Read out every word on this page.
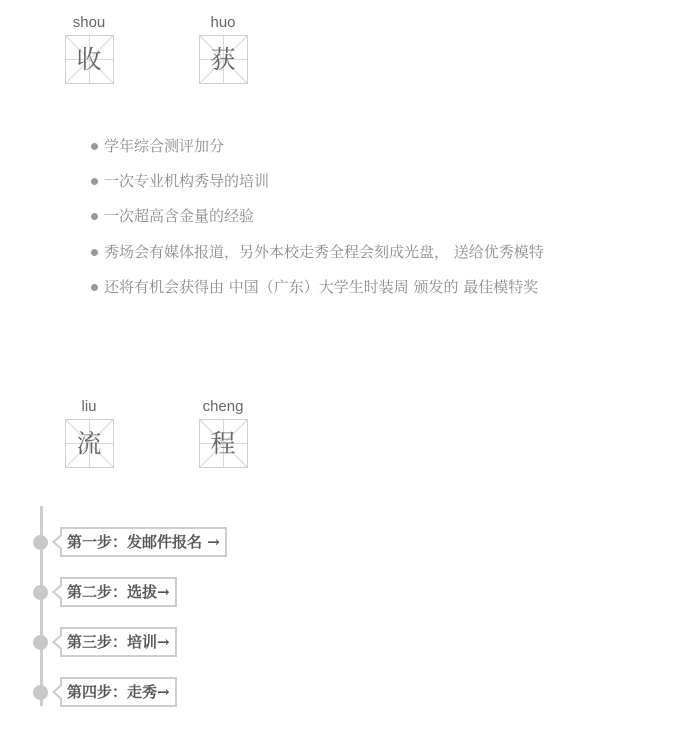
shou
收
huo
获
学年综合测评加分
一次专业机构秀导的培训
一次超高含金量的经验
秀场会有媒体报道，另外本校走秀全程会刻成光盘， 送给优秀模特
还将有机会获得由 中国（广东）大学生时装周 颁发的 最佳模特奖
liu
流
cheng
程
第一步：发邮件报名 →
第二步：选拔→
第三步：培训→
第四步：走秀→
